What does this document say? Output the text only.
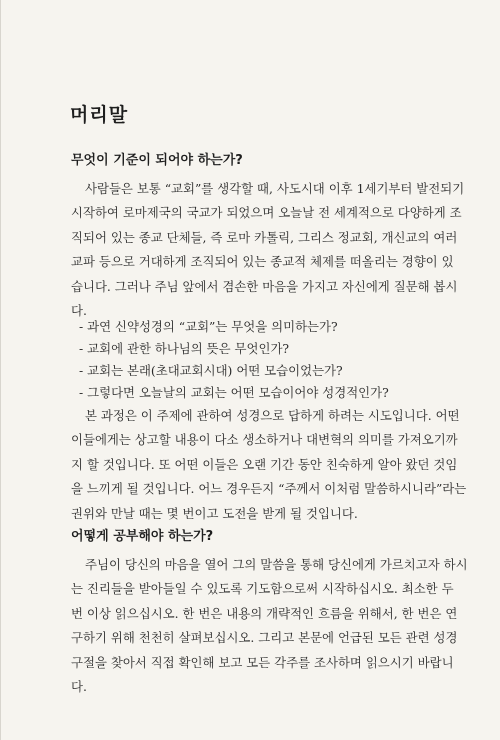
머리말
무엇이 기준이 되어야 하는가?

사람들은 보통 “교회”를 생각할 때, 사도시대 이후 1세기부터 발전되기
시작하여 로마제국의 국교가 되었으며 오늘날 전 세계적으로 다양하게 조
직되어 있는 종교 단체들, 즉 로마 카톨릭, 그리스 정교회, 개신교의 여러
교파 등으로 거대하게 조직되어 있는 종교적 체제를 떠올리는 경향이 있
습니다. 그러나 주님 앞에서 겸손한 마음을 가지고 자신에게 질문해 봅시
다.

- 과연 신약성경의 “교회”는 무엇을 의미하는가?
- 교회에 관한 하나님의 뜻은 무엇인가?
- 교회는 본래(초대교회시대) 어떤 모습이었는가?
- 그렇다면 오늘날의 교회는 어떤 모습이어야 성경적인가?

본 과정은 이 주제에 관하여 성경으로 답하게 하려는 시도입니다. 어떤
이들에게는 상고할 내용이 다소 생소하거나 대변혁의 의미를 가져오기까
지 할 것입니다. 또 어떤 이들은 오랜 기간 동안 친숙하게 알아 왔던 것임
을 느끼게 될 것입니다. 어느 경우든지 “주께서 이처럼 말씀하시니라”라는
권위와 만날 때는 몇 번이고 도전을 받게 될 것입니다.

어떻게 공부해야 하는가?

주님이 당신의 마음을 열어 그의 말씀을 통해 당신에게 가르치고자 하시
는 진리들을 받아들일 수 있도록 기도함으로써 시작하십시오. 최소한 두
번 이상 읽으십시오. 한 번은 내용의 개략적인 흐름을 위해서, 한 번은 연
구하기 위해 천천히 살펴보십시오. 그리고 본문에 언급된 모든 관련 성경
구절을 찾아서 직접 확인해 보고 모든 각주를 조사하며 읽으시기 바랍니
다.
